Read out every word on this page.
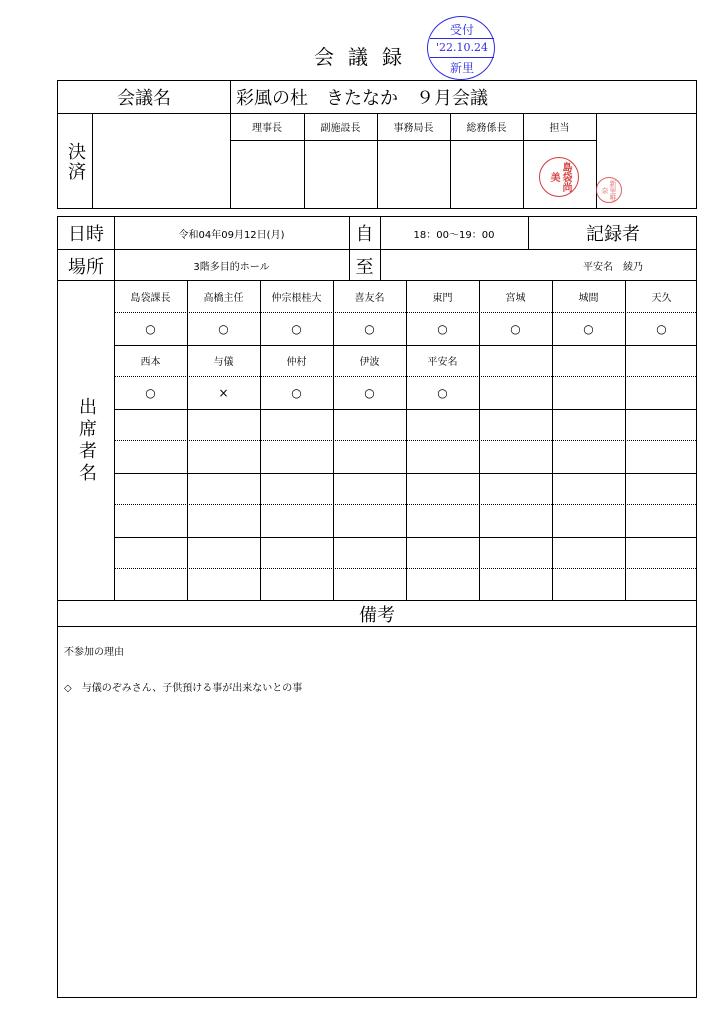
会議録
受付
'22.10.24
新里
会議名	彩風の杜　きたなか　９月会議
決済
理事長	副施設長	事務局長	総務係長	担当
島袋尚美
新里唯奈
日時	令和04年09月12日(月)	自	18：00～19：00	記録者
場所	3階多目的ホール	至	平安名　綾乃
出席者名
島袋課長	高橋主任	仲宗根桂大	喜友名	東門	宮城	城間	天久
○	○	○	○	○	○	○	○
西本	与儀	仲村	伊波	平安名
○	×	○	○	○
備考
不参加の理由
◇　与儀のぞみさん、子供預ける事が出来ないとの事
